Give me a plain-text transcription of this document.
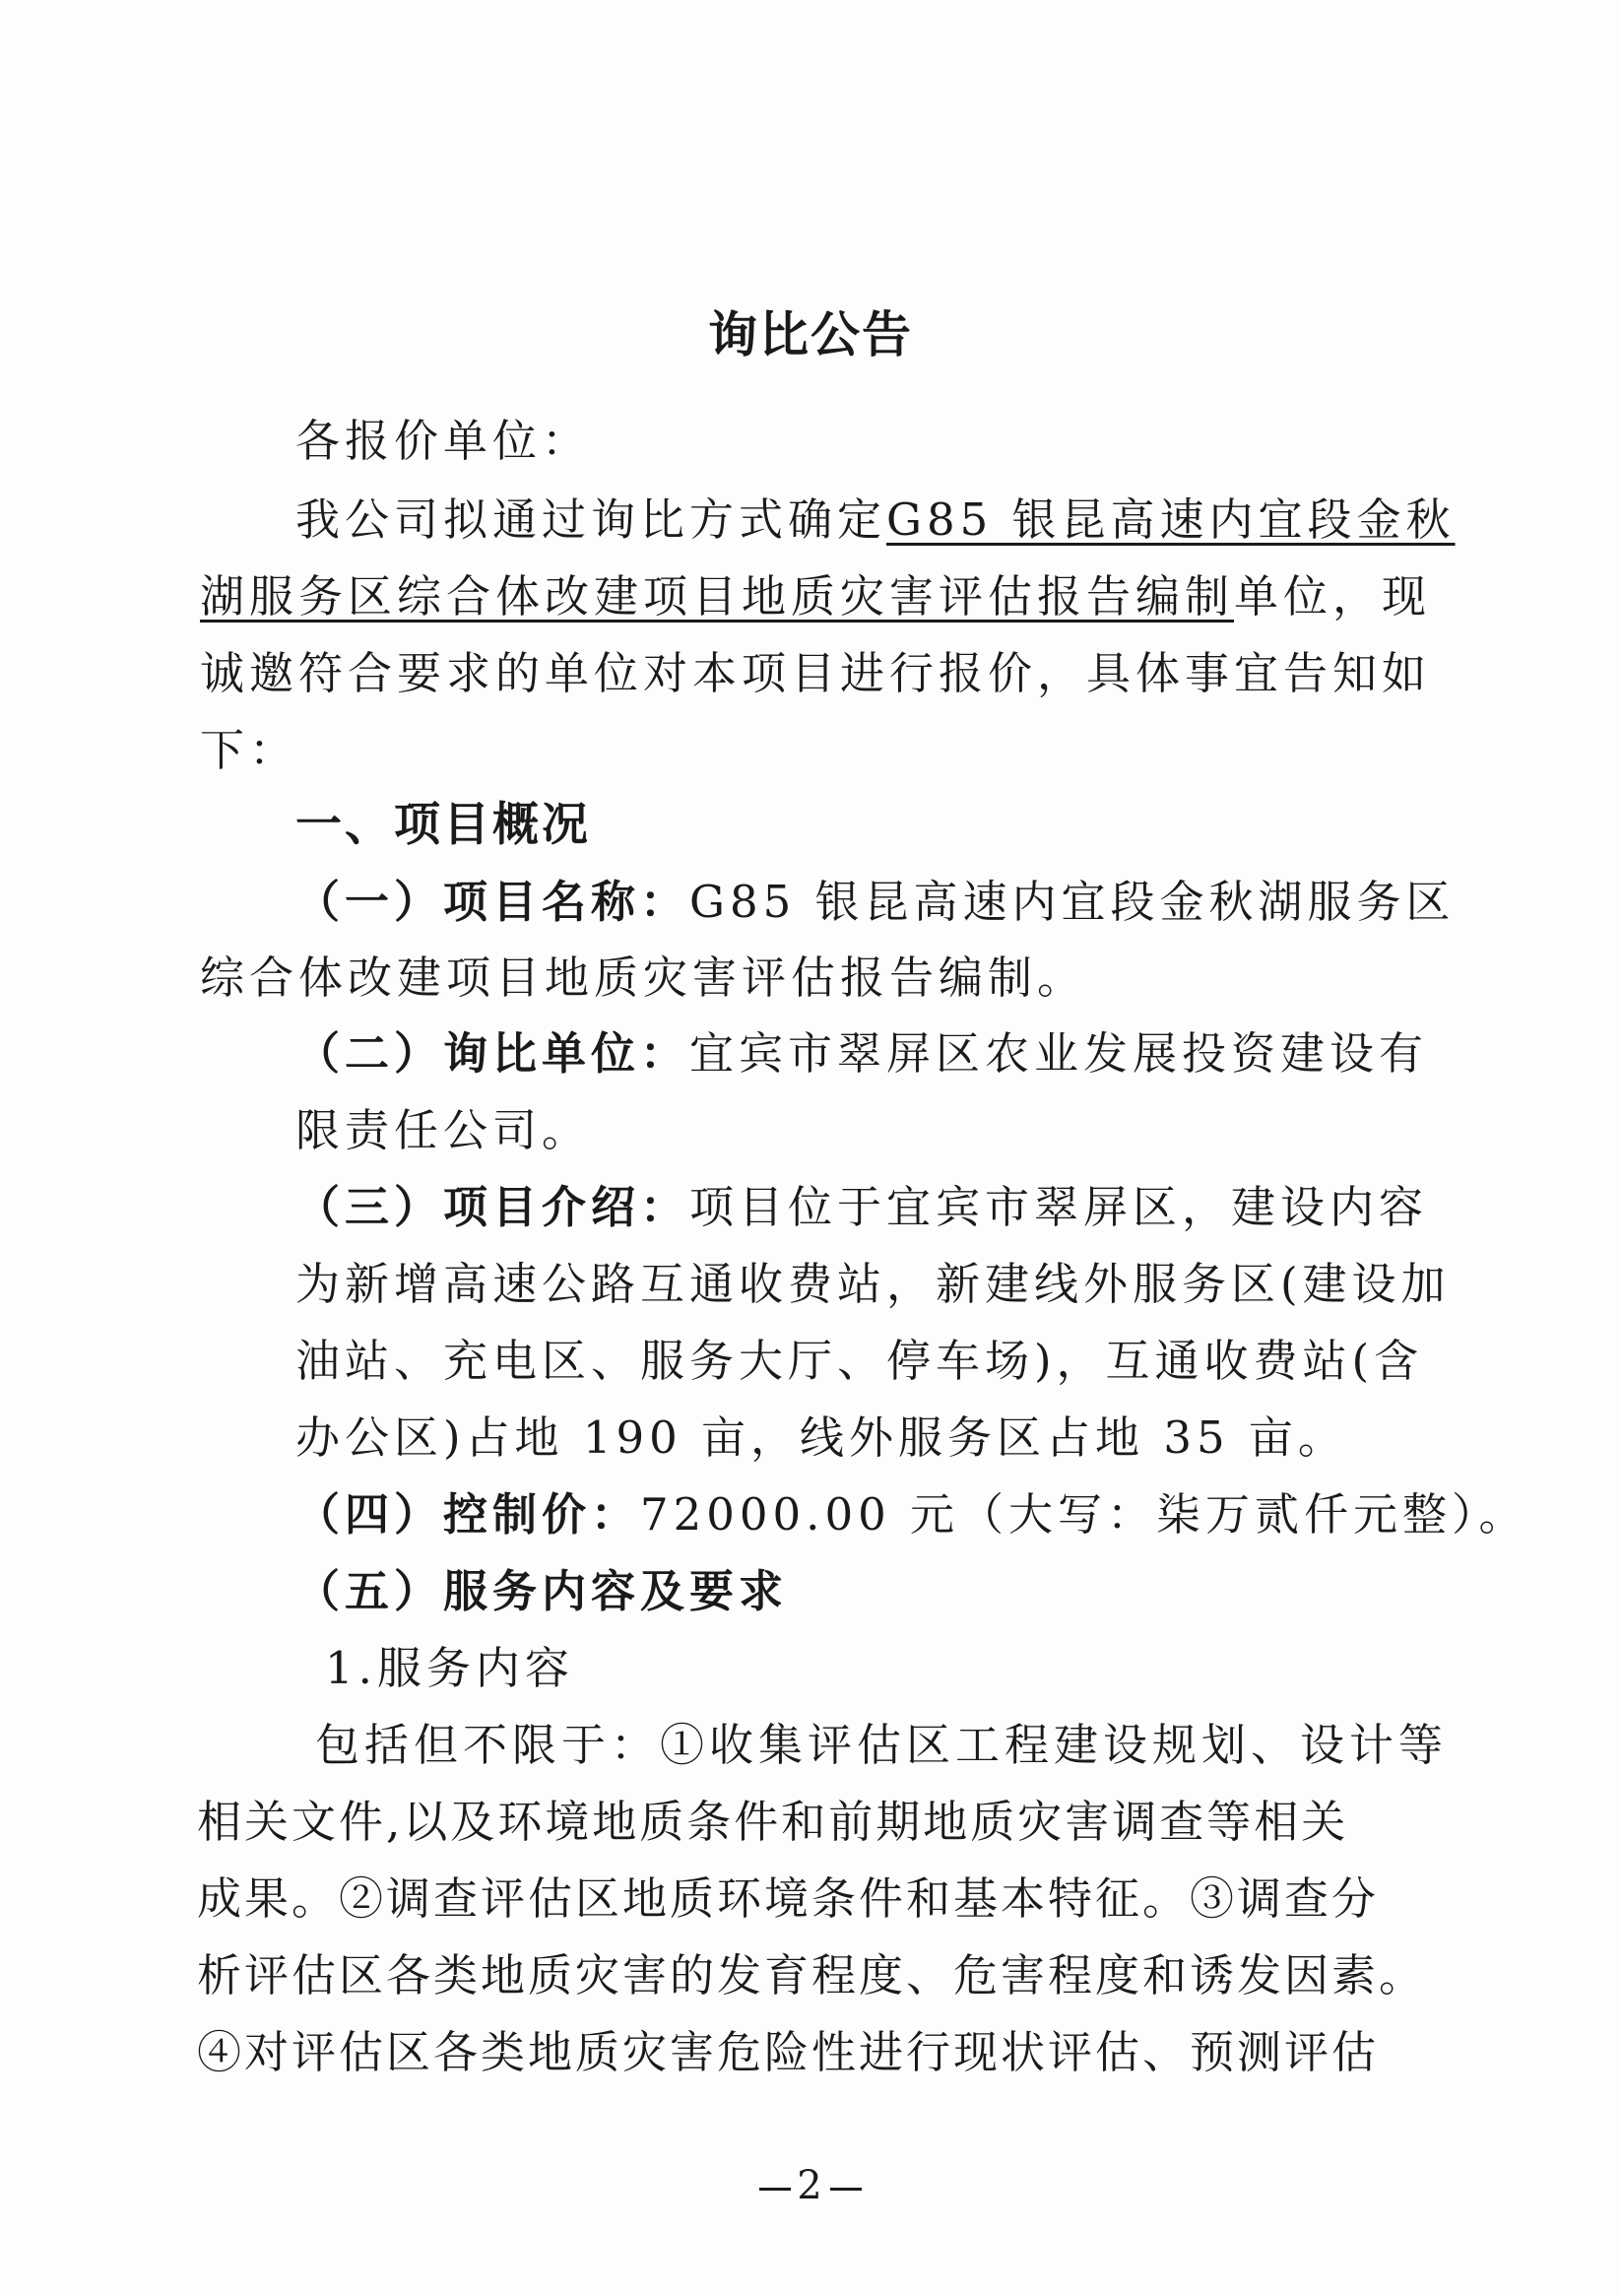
询比公告
各报价单位：
我公司拟通过询比方式确定G85 银昆高速内宜段金秋
湖服务区综合体改建项目地质灾害评估报告编制单位，现
诚邀符合要求的单位对本项目进行报价，具体事宜告知如
下：
一、项目概况
（一）项目名称：G85 银昆高速内宜段金秋湖服务区
综合体改建项目地质灾害评估报告编制。
（二）询比单位：宜宾市翠屏区农业发展投资建设有
限责任公司。
（三）项目介绍：项目位于宜宾市翠屏区，建设内容
为新增高速公路互通收费站，新建线外服务区(建设加
油站、充电区、服务大厅、停车场)，互通收费站(含
办公区)占地 190 亩，线外服务区占地 35 亩。
（四）控制价：72000.00 元（大写：柒万贰仟元整）。
（五）服务内容及要求
1.服务内容
包括但不限于：①收集评估区工程建设规划、设计等
相关文件,以及环境地质条件和前期地质灾害调查等相关
成果。②调查评估区地质环境条件和基本特征。③调查分
析评估区各类地质灾害的发育程度、危害程度和诱发因素。
④对评估区各类地质灾害危险性进行现状评估、预测评估
2
